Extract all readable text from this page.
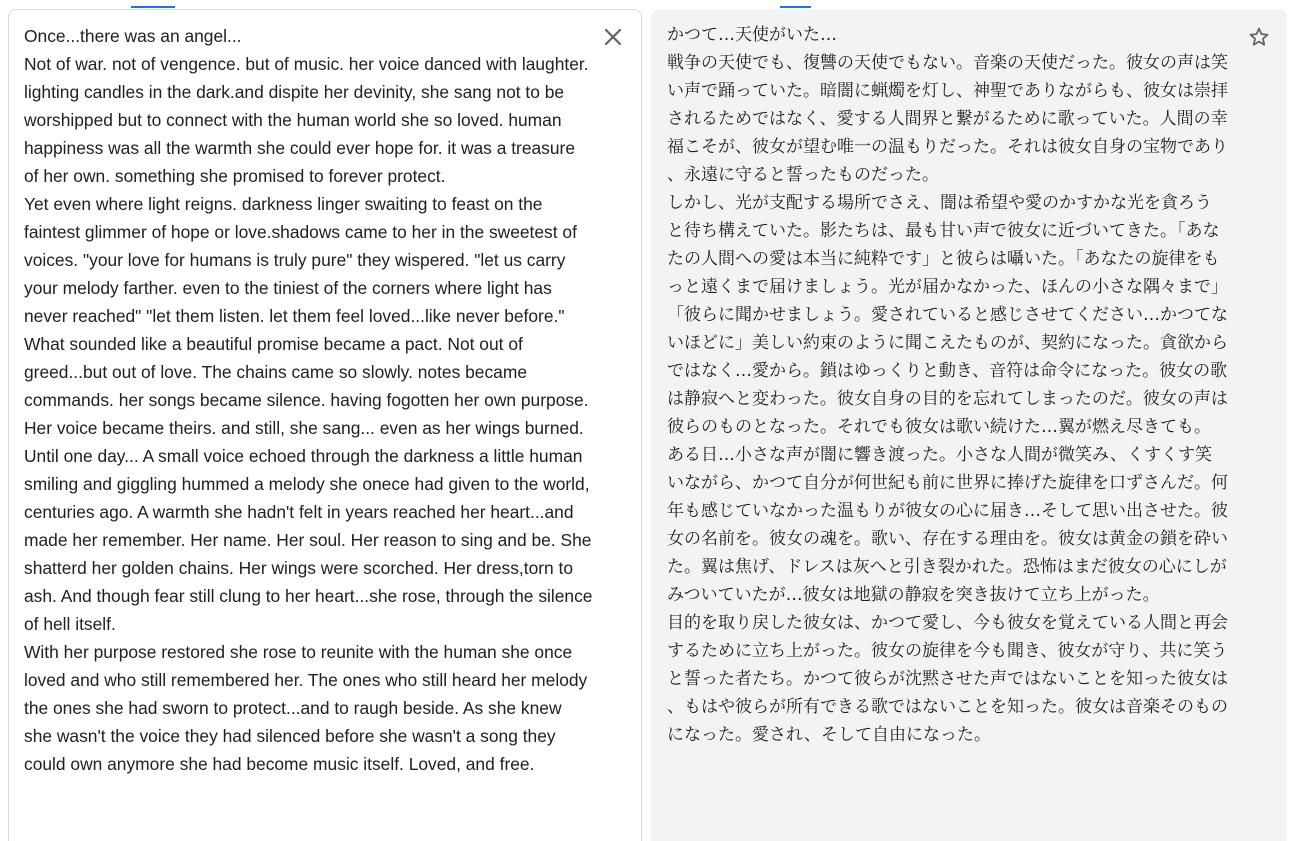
Once...there was an angel...
Not of war. not of vengence. but of music. her voice danced with laughter. lighting candles in the dark.and dispite her devinity, she sang not to be worshipped but to connect with the human world she so loved. human happiness was all the warmth she could ever hope for. it was a treasure of her own. something she promised to forever protect.
Yet even where light reigns. darkness linger swaiting to feast on the faintest glimmer of hope or love.shadows came to her in the sweetest of voices. "your love for humans is truly pure" they wispered. "let us carry your melody farther. even to the tiniest of the corners where light has never reached" "let them listen. let them feel loved...like never before." What sounded like a beautiful promise became a pact. Not out of greed...but out of love. The chains came so slowly. notes became commands. her songs became silence. having fogotten her own purpose. Her voice became theirs. and still, she sang... even as her wings burned.
Until one day... A small voice echoed through the darkness a little human smiling and giggling hummed a melody she onece had given to the world, centuries ago. A warmth she hadn't felt in years reached her heart...and made her remember. Her name. Her soul. Her reason to sing and be. She shatterd her golden chains. Her wings were scorched. Her dress,torn to ash. And though fear still clung to her heart...she rose, through the silence of hell itself.
With her purpose restored she rose to reunite with the human she once loved and who still remembered her. The ones who still heard her melody the ones she had sworn to protect...and to raugh beside. As she knew she wasn't the voice they had silenced before she wasn't a song they could own anymore she had become music itself. Loved, and free.
かつて…天使がいた…
戦争の天使でも、復讐の天使でもない。音楽の天使だった。彼女の声は笑い声で踊っていた。暗闇に蝋燭を灯し、神聖でありながらも、彼女は崇拝されるためではなく、愛する人間界と繋がるために歌っていた。人間の幸福こそが、彼女が望む唯一の温もりだった。それは彼女自身の宝物であり、永遠に守ると誓ったものだった。
しかし、光が支配する場所でさえ、闇は希望や愛のかすかな光を貪ろうと待ち構えていた。影たちは、最も甘い声で彼女に近づいてきた。「あなたの人間への愛は本当に純粋です」と彼らは囁いた。「あなたの旋律をもっと遠くまで届けましょう。光が届かなかった、ほんの小さな隅々まで」「彼らに聞かせましょう。愛されていると感じさせてください…かつてないほどに」美しい約束のように聞こえたものが、契約になった。貪欲からではなく…愛から。鎖はゆっくりと動き、音符は命令になった。彼女の歌は静寂へと変わった。彼女自身の目的を忘れてしまったのだ。彼女の声は彼らのものとなった。それでも彼女は歌い続けた…翼が燃え尽きても。
ある日…小さな声が闇に響き渡った。小さな人間が微笑み、くすくす笑いながら、かつて自分が何世紀も前に世界に捧げた旋律を口ずさんだ。何年も感じていなかった温もりが彼女の心に届き…そして思い出させた。彼女の名前を。彼女の魂を。歌い、存在する理由を。彼女は黄金の鎖を砕いた。翼は焦げ、ドレスは灰へと引き裂かれた。恐怖はまだ彼女の心にしがみついていたが…彼女は地獄の静寂を突き抜けて立ち上がった。
目的を取り戻した彼女は、かつて愛し、今も彼女を覚えている人間と再会するために立ち上がった。彼女の旋律を今も聞き、彼女が守り、共に笑うと誓った者たち。かつて彼らが沈黙させた声ではないことを知った彼女は、もはや彼らが所有できる歌ではないことを知った。彼女は音楽そのものになった。愛され、そして自由になった。
